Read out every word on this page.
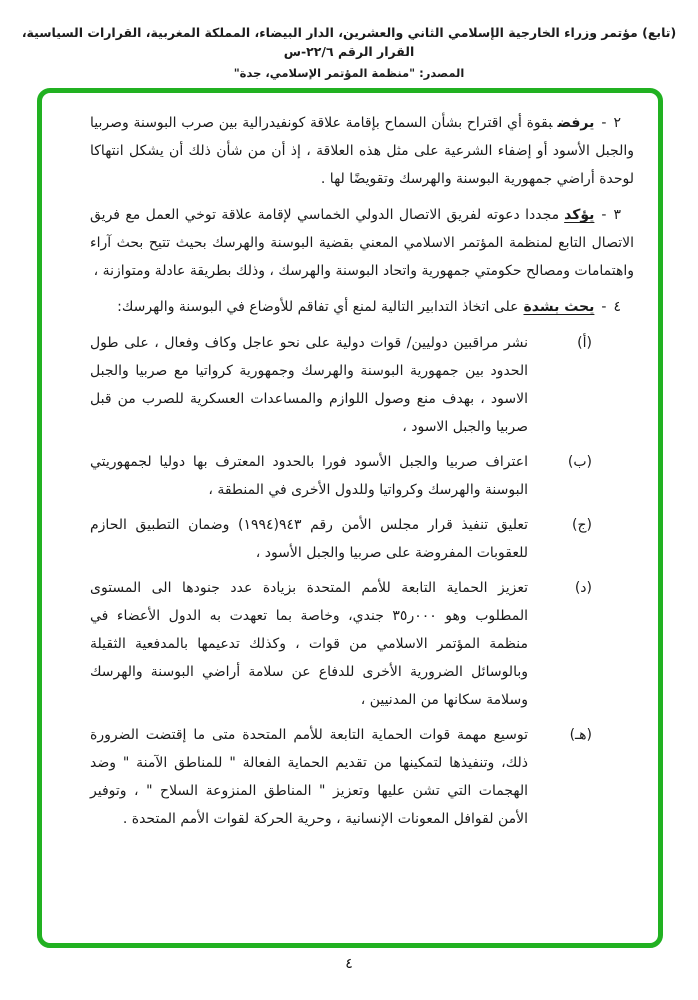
(تابع) مؤتمر وزراء الخارجية الإسلامي الثاني والعشرين، الدار البيضاء، المملكة المغربية، القرارات السياسية، القرار الرقم ٢٢/٦-س
المصدر: "منظمة المؤتمر الإسلامي، جدة"

٢-يرفضبقوة أي اقتراح بشأن السماح بإقامة علاقة كونفيدرالية بين صرب البوسنة وصربيا والجبل الأسود أو إضفاء الشرعية على مثل هذه العلاقة ، إذ أن من شأن ذلك أن يشكل انتهاكا لوحدة أراضي جمهورية البوسنة والهرسك وتقويضًا لها .

٣-يؤكدمجددا دعوته لفريق الاتصال الدولي الخماسي لإقامة علاقة توخي العمل مع فريق الاتصال التابع لمنظمة المؤتمر الاسلامي المعني بقضية البوسنة والهرسك بحيث تتيح بحث آراء واهتمامات ومصالح حكومتي جمهورية واتحاد البوسنة والهرسك ، وذلك بطريقة عادلة ومتوازنة ،

٤-يحث بشدةعلى اتخاذ التدابير التالية لمنع أي تفاقم للأوضاع في البوسنة والهرسك:

(أ)
نشر مراقبين دوليين/ قوات دولية على نحو عاجل وكاف وفعال ، على طول الحدود بين جمهورية البوسنة والهرسك وجمهورية كرواتيا مع صربيا والجبل الاسود ، بهدف منع وصول اللوازم والمساعدات العسكرية للصرب من قبل صربيا والجبل الاسود ،
(ب)
اعتراف صربيا والجبل الأسود فورا بالحدود المعترف بها دوليا لجمهوريتي البوسنة والهرسك وكرواتيا وللدول الأخرى في المنطقة ،
(ج)
تعليق تنفيذ قرار مجلس الأمن رقم ٩٤٣(١٩٩٤) وضمان التطبيق الحازم للعقوبات المفروضة على صربيا والجبل الأسود ،
(د)
تعزيز الحماية التابعة للأمم المتحدة بزيادة عدد جنودها الى المستوى المطلوب وهو ٠٠٠ر٣٥ جندي، وخاصة بما تعهدت به الدول الأعضاء في منظمة المؤتمر الاسلامي من قوات ، وكذلك تدعيمها بالمدفعية الثقيلة وبالوسائل الضرورية الأخرى للدفاع عن سلامة أراضي البوسنة والهرسك وسلامة سكانها من المدنيين ،
(هـ)
توسيع مهمة قوات الحماية التابعة للأمم المتحدة متى ما إقتضت الضرورة ذلك، وتنفيذها لتمكينها من تقديم الحماية الفعالة " للمناطق الآمنة " وضد الهجمات التي تشن عليها وتعزيز " المناطق المنزوعة السلاح " ، وتوفير الأمن لقوافل المعونات الإنسانية ، وحرية الحركة لقوات الأمم المتحدة .
٤
